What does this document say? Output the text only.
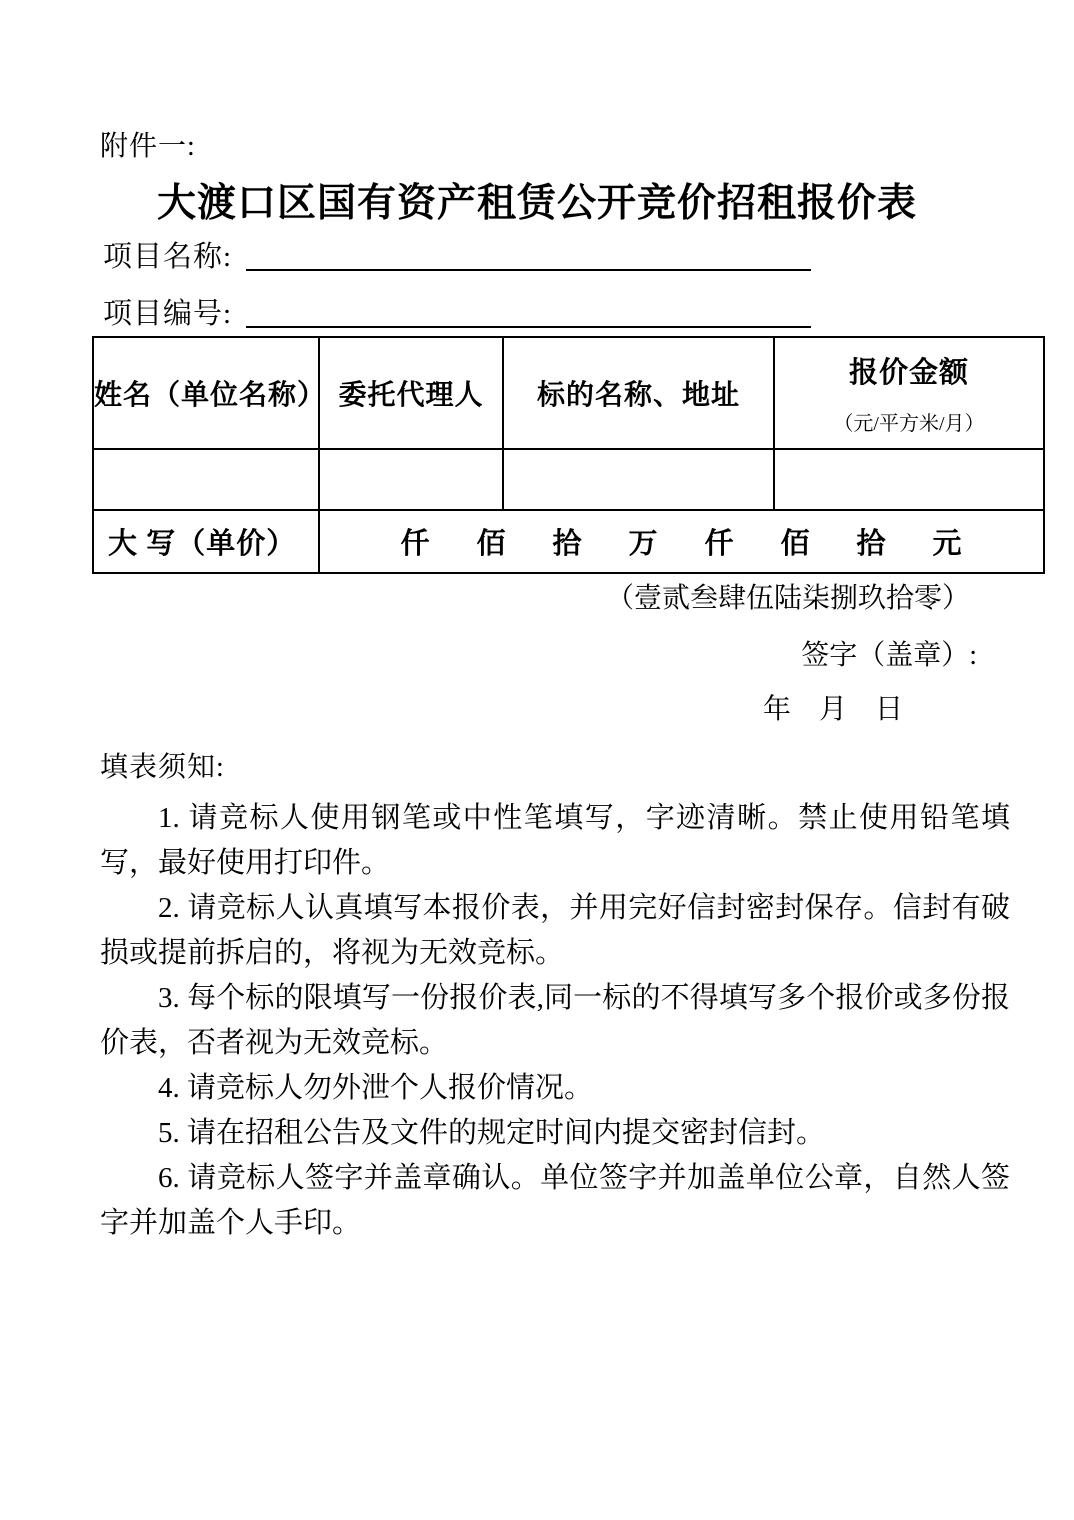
附件一:
大渡口区国有资产租赁公开竞价招租报价表
项目名称:
项目编号:
姓名（单位名称）	委托代理人	标的名称、地址	报价金额
（元/平方米/月）

大 写（单价）	仟 佰 拾 万 仟 佰 拾 元
（壹贰叁肆伍陆柒捌玖拾零）
签字（盖章）:
年　月　日
填表须知:

1. 请竞标人使用钢笔或中性笔填写，字迹清晰。禁止使用铅笔填写，最好使用打印件。

2. 请竞标人认真填写本报价表，并用完好信封密封保存。信封有破损或提前拆启的，将视为无效竞标。

3. 每个标的限填写一份报价表,同一标的不得填写多个报价或多份报价表，否者视为无效竞标。

4. 请竞标人勿外泄个人报价情况。

5. 请在招租公告及文件的规定时间内提交密封信封。

6. 请竞标人签字并盖章确认。单位签字并加盖单位公章，自然人签字并加盖个人手印。
